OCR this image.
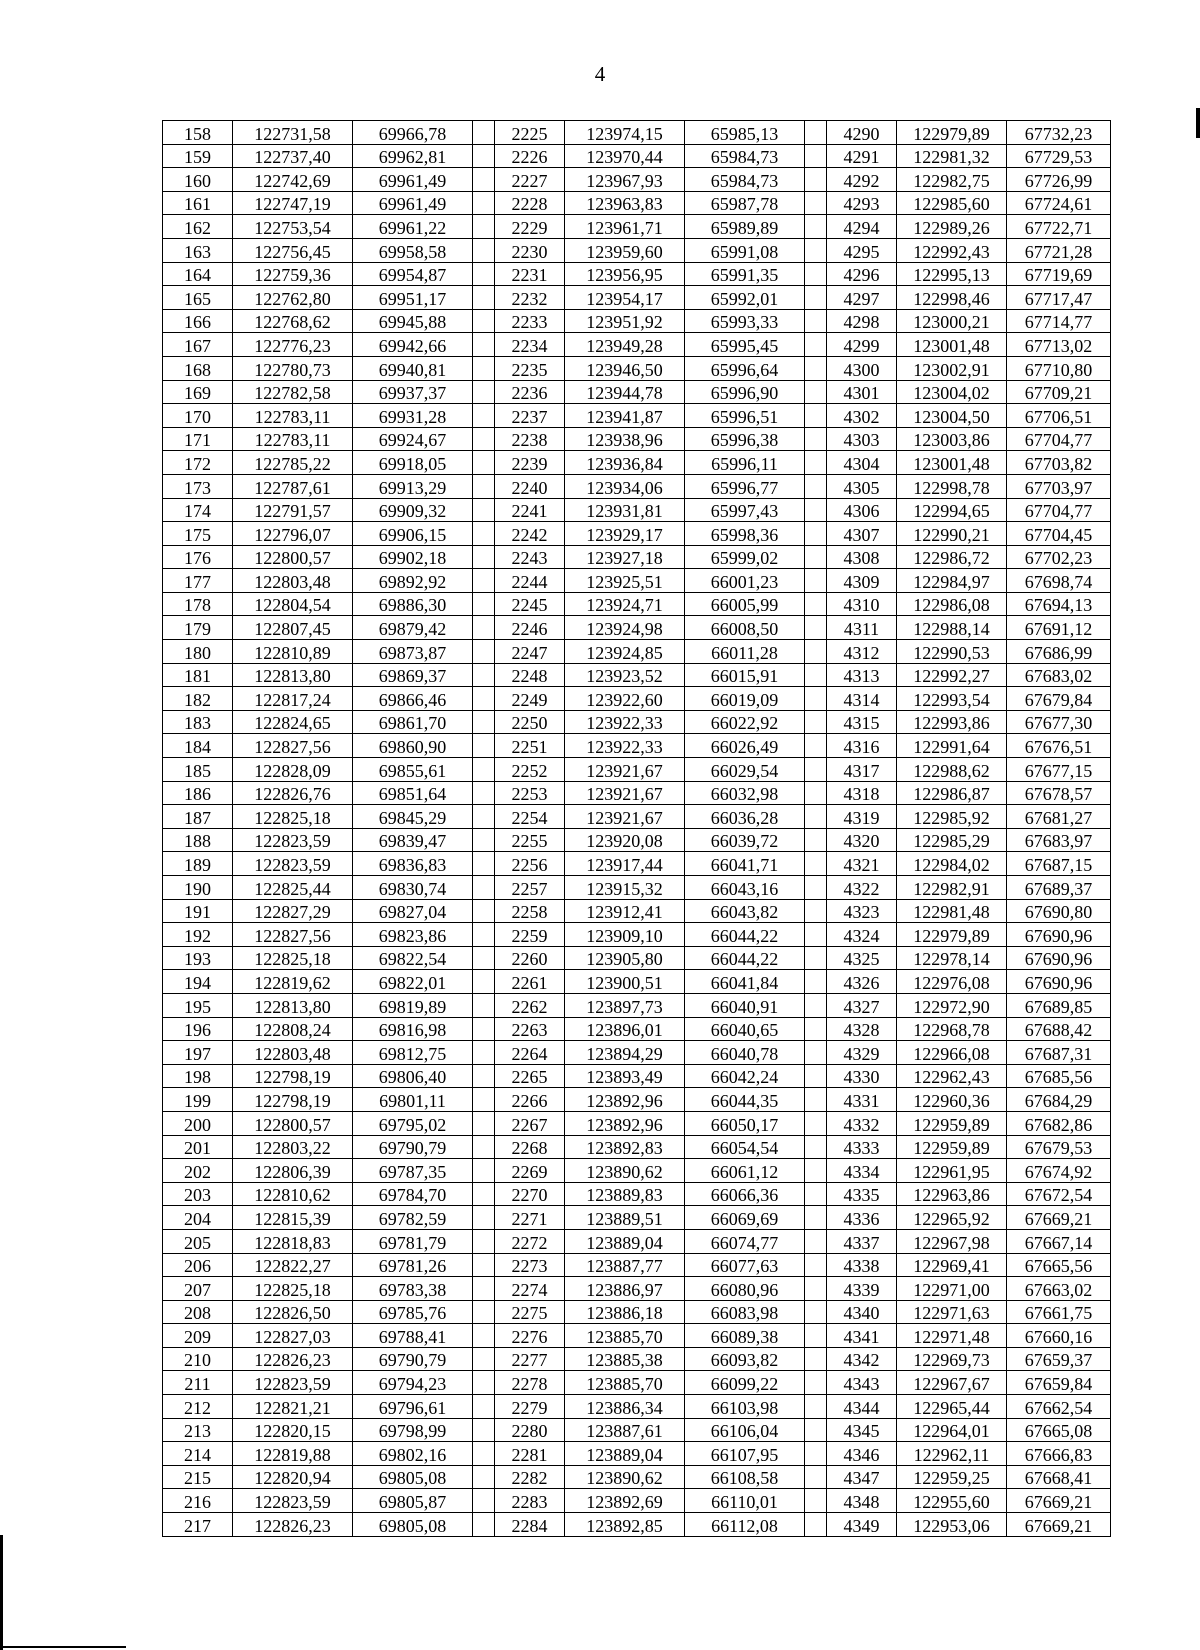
4
158	122731,58	69966,78		2225	123974,15	65985,13		4290	122979,89	67732,23
159	122737,40	69962,81		2226	123970,44	65984,73		4291	122981,32	67729,53
160	122742,69	69961,49		2227	123967,93	65984,73		4292	122982,75	67726,99
161	122747,19	69961,49		2228	123963,83	65987,78		4293	122985,60	67724,61
162	122753,54	69961,22		2229	123961,71	65989,89		4294	122989,26	67722,71
163	122756,45	69958,58		2230	123959,60	65991,08		4295	122992,43	67721,28
164	122759,36	69954,87		2231	123956,95	65991,35		4296	122995,13	67719,69
165	122762,80	69951,17		2232	123954,17	65992,01		4297	122998,46	67717,47
166	122768,62	69945,88		2233	123951,92	65993,33		4298	123000,21	67714,77
167	122776,23	69942,66		2234	123949,28	65995,45		4299	123001,48	67713,02
168	122780,73	69940,81		2235	123946,50	65996,64		4300	123002,91	67710,80
169	122782,58	69937,37		2236	123944,78	65996,90		4301	123004,02	67709,21
170	122783,11	69931,28		2237	123941,87	65996,51		4302	123004,50	67706,51
171	122783,11	69924,67		2238	123938,96	65996,38		4303	123003,86	67704,77
172	122785,22	69918,05		2239	123936,84	65996,11		4304	123001,48	67703,82
173	122787,61	69913,29		2240	123934,06	65996,77		4305	122998,78	67703,97
174	122791,57	69909,32		2241	123931,81	65997,43		4306	122994,65	67704,77
175	122796,07	69906,15		2242	123929,17	65998,36		4307	122990,21	67704,45
176	122800,57	69902,18		2243	123927,18	65999,02		4308	122986,72	67702,23
177	122803,48	69892,92		2244	123925,51	66001,23		4309	122984,97	67698,74
178	122804,54	69886,30		2245	123924,71	66005,99		4310	122986,08	67694,13
179	122807,45	69879,42		2246	123924,98	66008,50		4311	122988,14	67691,12
180	122810,89	69873,87		2247	123924,85	66011,28		4312	122990,53	67686,99
181	122813,80	69869,37		2248	123923,52	66015,91		4313	122992,27	67683,02
182	122817,24	69866,46		2249	123922,60	66019,09		4314	122993,54	67679,84
183	122824,65	69861,70		2250	123922,33	66022,92		4315	122993,86	67677,30
184	122827,56	69860,90		2251	123922,33	66026,49		4316	122991,64	67676,51
185	122828,09	69855,61		2252	123921,67	66029,54		4317	122988,62	67677,15
186	122826,76	69851,64		2253	123921,67	66032,98		4318	122986,87	67678,57
187	122825,18	69845,29		2254	123921,67	66036,28		4319	122985,92	67681,27
188	122823,59	69839,47		2255	123920,08	66039,72		4320	122985,29	67683,97
189	122823,59	69836,83		2256	123917,44	66041,71		4321	122984,02	67687,15
190	122825,44	69830,74		2257	123915,32	66043,16		4322	122982,91	67689,37
191	122827,29	69827,04		2258	123912,41	66043,82		4323	122981,48	67690,80
192	122827,56	69823,86		2259	123909,10	66044,22		4324	122979,89	67690,96
193	122825,18	69822,54		2260	123905,80	66044,22		4325	122978,14	67690,96
194	122819,62	69822,01		2261	123900,51	66041,84		4326	122976,08	67690,96
195	122813,80	69819,89		2262	123897,73	66040,91		4327	122972,90	67689,85
196	122808,24	69816,98		2263	123896,01	66040,65		4328	122968,78	67688,42
197	122803,48	69812,75		2264	123894,29	66040,78		4329	122966,08	67687,31
198	122798,19	69806,40		2265	123893,49	66042,24		4330	122962,43	67685,56
199	122798,19	69801,11		2266	123892,96	66044,35		4331	122960,36	67684,29
200	122800,57	69795,02		2267	123892,96	66050,17		4332	122959,89	67682,86
201	122803,22	69790,79		2268	123892,83	66054,54		4333	122959,89	67679,53
202	122806,39	69787,35		2269	123890,62	66061,12		4334	122961,95	67674,92
203	122810,62	69784,70		2270	123889,83	66066,36		4335	122963,86	67672,54
204	122815,39	69782,59		2271	123889,51	66069,69		4336	122965,92	67669,21
205	122818,83	69781,79		2272	123889,04	66074,77		4337	122967,98	67667,14
206	122822,27	69781,26		2273	123887,77	66077,63		4338	122969,41	67665,56
207	122825,18	69783,38		2274	123886,97	66080,96		4339	122971,00	67663,02
208	122826,50	69785,76		2275	123886,18	66083,98		4340	122971,63	67661,75
209	122827,03	69788,41		2276	123885,70	66089,38		4341	122971,48	67660,16
210	122826,23	69790,79		2277	123885,38	66093,82		4342	122969,73	67659,37
211	122823,59	69794,23		2278	123885,70	66099,22		4343	122967,67	67659,84
212	122821,21	69796,61		2279	123886,34	66103,98		4344	122965,44	67662,54
213	122820,15	69798,99		2280	123887,61	66106,04		4345	122964,01	67665,08
214	122819,88	69802,16		2281	123889,04	66107,95		4346	122962,11	67666,83
215	122820,94	69805,08		2282	123890,62	66108,58		4347	122959,25	67668,41
216	122823,59	69805,87		2283	123892,69	66110,01		4348	122955,60	67669,21
217	122826,23	69805,08		2284	123892,85	66112,08		4349	122953,06	67669,21
